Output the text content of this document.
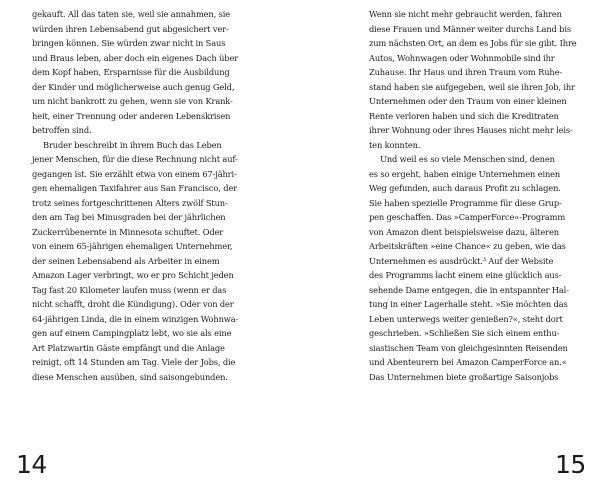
gekauft. All das taten sie, weil sie annahmen, sie
würden ihren Lebensabend gut abgesichert ver-
bringen können. Sie würden zwar nicht in Saus
und Braus leben, aber doch ein eigenes Dach über
dem Kopf haben, Ersparnisse für die Ausbildung
der Kinder und möglicherweise auch genug Geld,
um nicht bankrott zu gehen, wenn sie von Krank-
heit, einer Trennung oder anderen Lebenskrisen
betroffen sind.
Bruder beschreibt in ihrem Buch das Leben
jener Menschen, für die diese Rechnung nicht auf-
gegangen ist. Sie erzählt etwa von einem 67-jähri-
gen ehemaligen Taxifahrer aus San Francisco, der
trotz seines fortgeschrittenen Alters zwölf Stun-
den am Tag bei Minusgraden bei der jährlichen
Zuckerrübenernte in Minnesota schuftet. Oder
von einem 65-jährigen ehemaligen Unternehmer,
der seinen Lebensabend als Arbeiter in einem
Amazon Lager verbringt, wo er pro Schicht jeden
Tag fast 20 Kilometer laufen muss (wenn er das
nicht schafft, droht die Kündigung). Oder von der
64-jährigen Linda, die in einem winzigen Wohnwa-
gen auf einem Campingplatz lebt, wo sie als eine
Art Platzwartin Gäste empfängt und die Anlage
reinigt, oft 14 Stunden am Tag. Viele der Jobs, die
diese Menschen ausüben, sind saisongebunden.
14
Wenn sie nicht mehr gebraucht werden, fahren
diese Frauen und Männer weiter durchs Land bis
zum nächsten Ort, an dem es Jobs für sie gibt. Ihre
Autos, Wohnwagen oder Wohnmobile sind ihr
Zuhause. Ihr Haus und ihren Traum vom Ruhe-
stand haben sie aufgegeben, weil sie ihren Job, ihr
Unternehmen oder den Traum von einer kleinen
Rente verloren haben und sich die Kreditraten
ihrer Wohnung oder ihres Hauses nicht mehr leis-
ten konnten.
Und weil es so viele Menschen sind, denen
es so ergeht, haben einige Unternehmen einen
Weg gefunden, auch daraus Profit zu schlagen.
Sie haben spezielle Programme für diese Grup-
pen geschaffen. Das »CamperForce«-Programm
von Amazon dient beispielsweise dazu, älteren
Arbeitskräften »eine Chance« zu geben, wie das
Unternehmen es ausdrückt.³ Auf der Website
des Programms lacht einem eine glücklich aus-
sehende Dame entgegen, die in entspannter Hal-
tung in einer Lagerhalle steht. »Sie möchten das
Leben unterwegs weiter genießen?«, steht dort
geschrieben. »Schließen Sie sich einem enthu-
siastischen Team von gleichgesinnten Reisenden
und Abenteurern bei Amazon CamperForce an.«
Das Unternehmen biete großartige Saisonjobs
15
